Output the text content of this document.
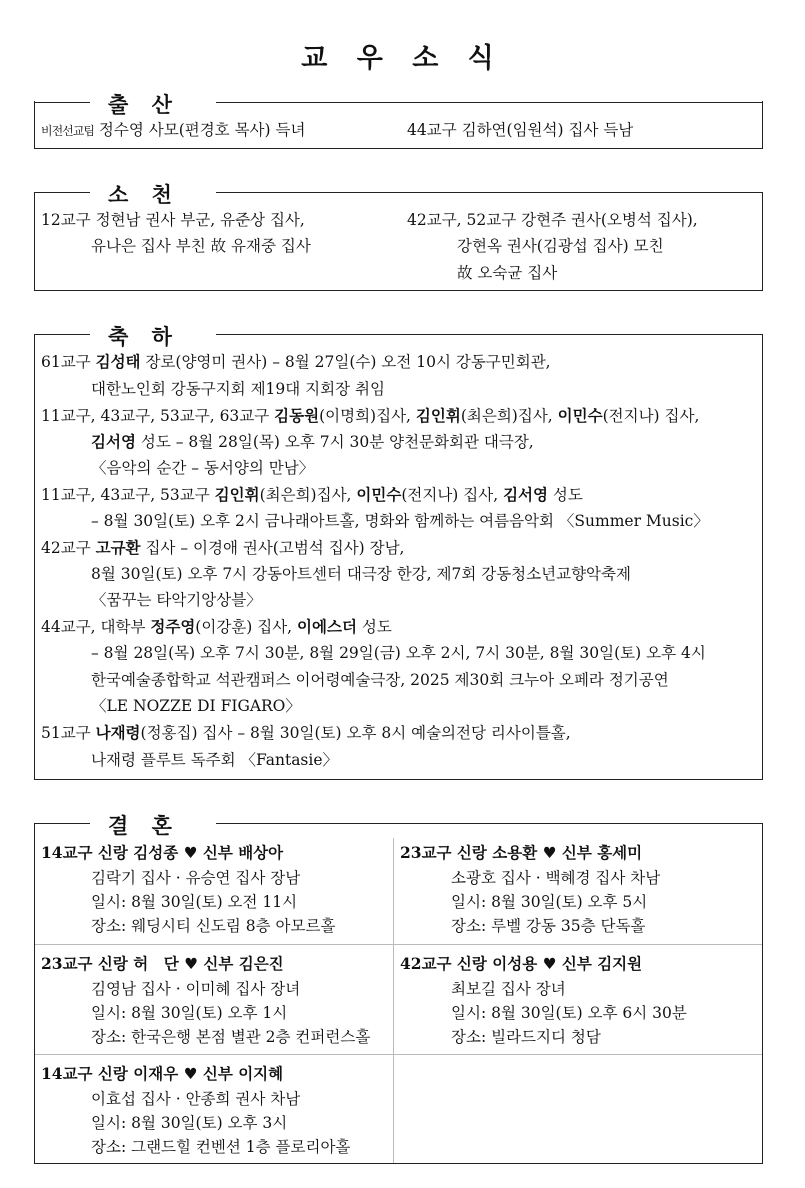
교 우 소 식
출 산
비전선교팀 정수영 사모(편경호 목사) 득녀	44교구 김하연(임원석) 집사 득남
소 천
12교구 정현남 권사 부군, 유준상 집사,
유나은 집사 부친 故 유재중 집사
42교구, 52교구 강현주 권사(오병석 집사),
강현옥 권사(김광섭 집사) 모친
故 오숙균 집사
축 하
61교구 김성태 장로(양영미 권사) – 8월 27일(수) 오전 10시 강동구민회관,
대한노인회 강동구지회 제19대 지회장 취임
11교구, 43교구, 53교구, 63교구 김동원(이명희)집사, 김인휘(최은희)집사, 이민수(전지나) 집사,
김서영 성도 – 8월 28일(목) 오후 7시 30분 양천문화회관 대극장,
〈음악의 순간 – 동서양의 만남〉
11교구, 43교구, 53교구 김인휘(최은희)집사, 이민수(전지나) 집사, 김서영 성도
– 8월 30일(토) 오후 2시 금나래아트홀, 명화와 함께하는 여름음악회 〈Summer Music〉
42교구 고규환 집사 – 이경애 권사(고범석 집사) 장남,
8월 30일(토) 오후 7시 강동아트센터 대극장 한강, 제7회 강동청소년교향악축제
〈꿈꾸는 타악기앙상블〉
44교구, 대학부 정주영(이강훈) 집사, 이에스더 성도
– 8월 28일(목) 오후 7시 30분, 8월 29일(금) 오후 2시, 7시 30분, 8월 30일(토) 오후 4시
한국예술종합학교 석관캠퍼스 이어령예술극장, 2025 제30회 크누아 오페라 정기공연
〈LE NOZZE DI FIGARO〉
51교구 나재령(정홍집) 집사 – 8월 30일(토) 오후 8시 예술의전당 리사이틀홀,
나재령 플루트 독주회 〈Fantasie〉
결 혼
14교구 신랑 김성종 ♥ 신부 배상아
김락기 집사 · 유승연 집사 장남
일시: 8월 30일(토) 오전 11시
장소: 웨딩시티 신도림 8층 아모르홀
23교구 신랑 소용환 ♥ 신부 홍세미
소광호 집사 · 백혜경 집사 차남
일시: 8월 30일(토) 오후 5시
장소: 루벨 강동 35층 단독홀
23교구 신랑 허　단 ♥ 신부 김은진
김영남 집사 · 이미혜 집사 장녀
일시: 8월 30일(토) 오후 1시
장소: 한국은행 본점 별관 2층 컨퍼런스홀
42교구 신랑 이성용 ♥ 신부 김지원
최보길 집사 장녀
일시: 8월 30일(토) 오후 6시 30분
장소: 빌라드지디 청담
14교구 신랑 이재우 ♥ 신부 이지혜
이효섭 집사 · 안종희 권사 차남
일시: 8월 30일(토) 오후 3시
장소: 그랜드힐 컨벤션 1층 플로리아홀
